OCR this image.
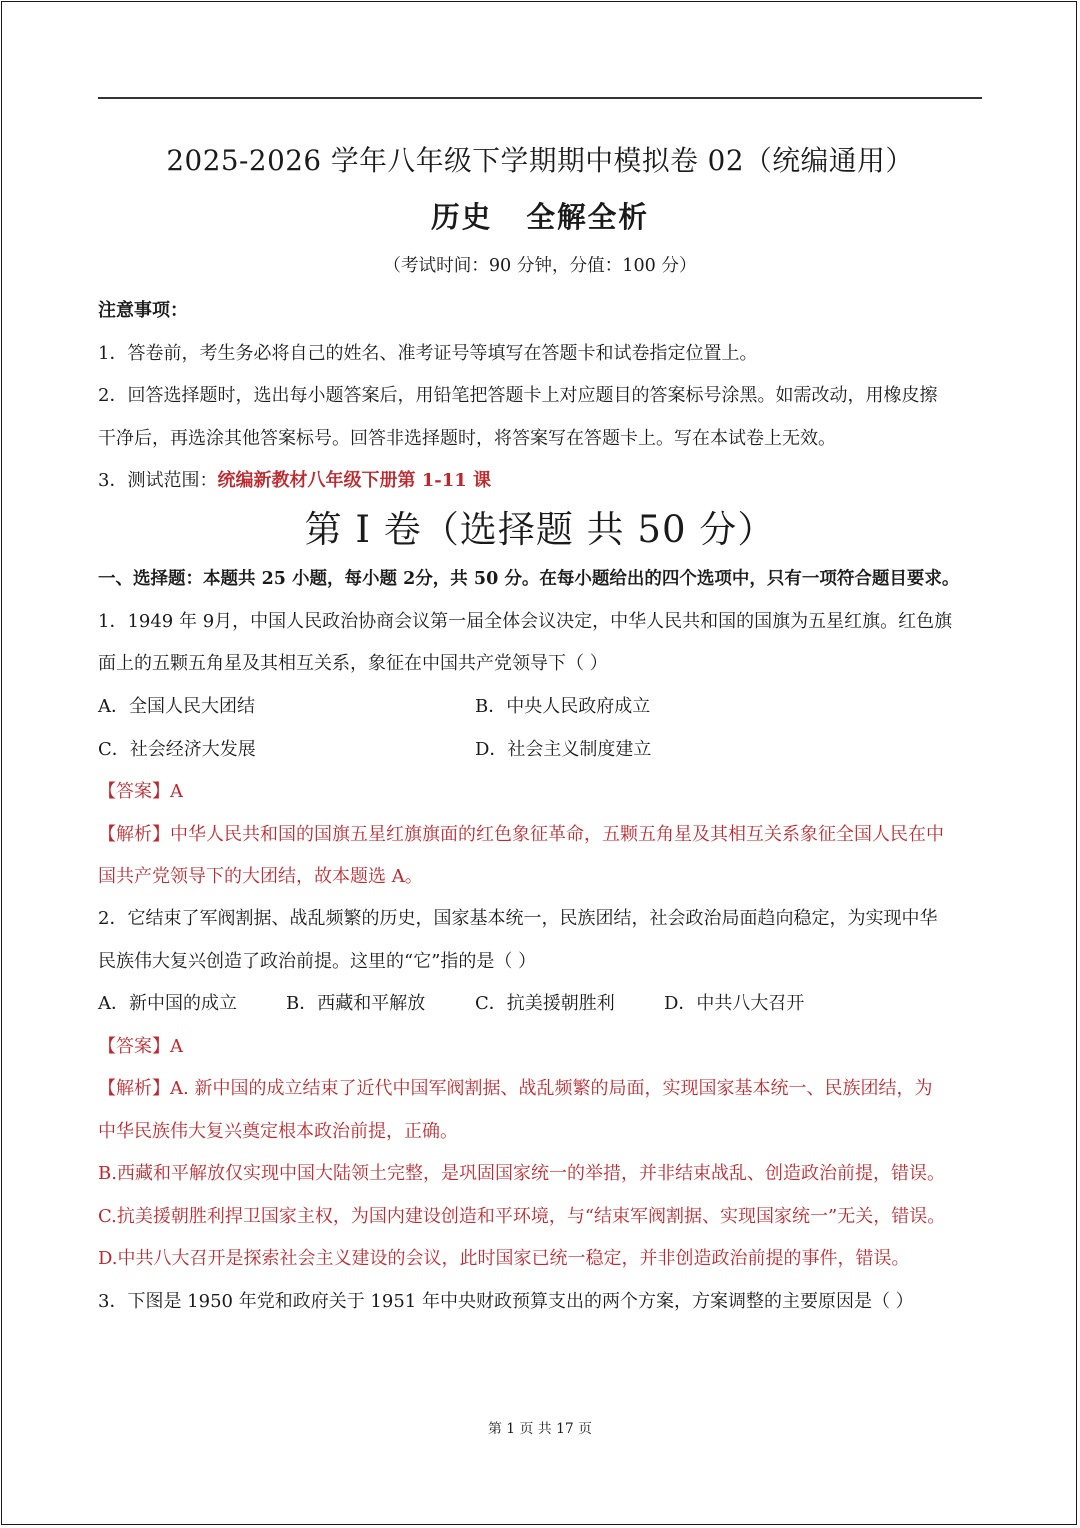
2025-2026 学年八年级下学期期中模拟卷 02（统编通用）
历史 全解全析
（考试时间：90 分钟，分值：100 分）
注意事项：
1．答卷前，考生务必将自己的姓名、准考证号等填写在答题卡和试卷指定位置上。
2．回答选择题时，选出每小题答案后，用铅笔把答题卡上对应题目的答案标号涂黑。如需改动，用橡皮擦
干净后，再选涂其他答案标号。回答非选择题时，将答案写在答题卡上。写在本试卷上无效。
3．测试范围：统编新教材八年级下册第 1-11 课
第 I 卷（选择题 共 50 分）
一、选择题：本题共 25 小题，每小题 2分，共 50 分。在每小题给出的四个选项中，只有一项符合题目要求。
1．1949 年 9月，中国人民政治协商会议第一届全体会议决定，中华人民共和国的国旗为五星红旗。红色旗
面上的五颗五角星及其相互关系，象征在中国共产党领导下（ ）
A．全国人民大团结	B．中央人民政府成立
C．社会经济大发展	D．社会主义制度建立
【答案】A
【解析】中华人民共和国的国旗五星红旗旗面的红色象征革命，五颗五角星及其相互关系象征全国人民在中
国共产党领导下的大团结，故本题选 A。
2．它结束了军阀割据、战乱频繁的历史，国家基本统一，民族团结，社会政治局面趋向稳定，为实现中华
民族伟大复兴创造了政治前提。这里的“它”指的是（ ）
A．新中国的成立	B．西藏和平解放	C．抗美援朝胜利	D．中共八大召开
【答案】A
【解析】A. 新中国的成立结束了近代中国军阀割据、战乱频繁的局面，实现国家基本统一、民族团结，为
中华民族伟大复兴奠定根本政治前提，正确。
B.西藏和平解放仅实现中国大陆领土完整，是巩固国家统一的举措，并非结束战乱、创造政治前提，错误。
C.抗美援朝胜利捍卫国家主权，为国内建设创造和平环境，与“结束军阀割据、实现国家统一”无关，错误。
D.中共八大召开是探索社会主义建设的会议，此时国家已统一稳定，并非创造政治前提的事件，错误。
3．下图是 1950 年党和政府关于 1951 年中央财政预算支出的两个方案，方案调整的主要原因是（ ）
第 1 页 共 17 页
